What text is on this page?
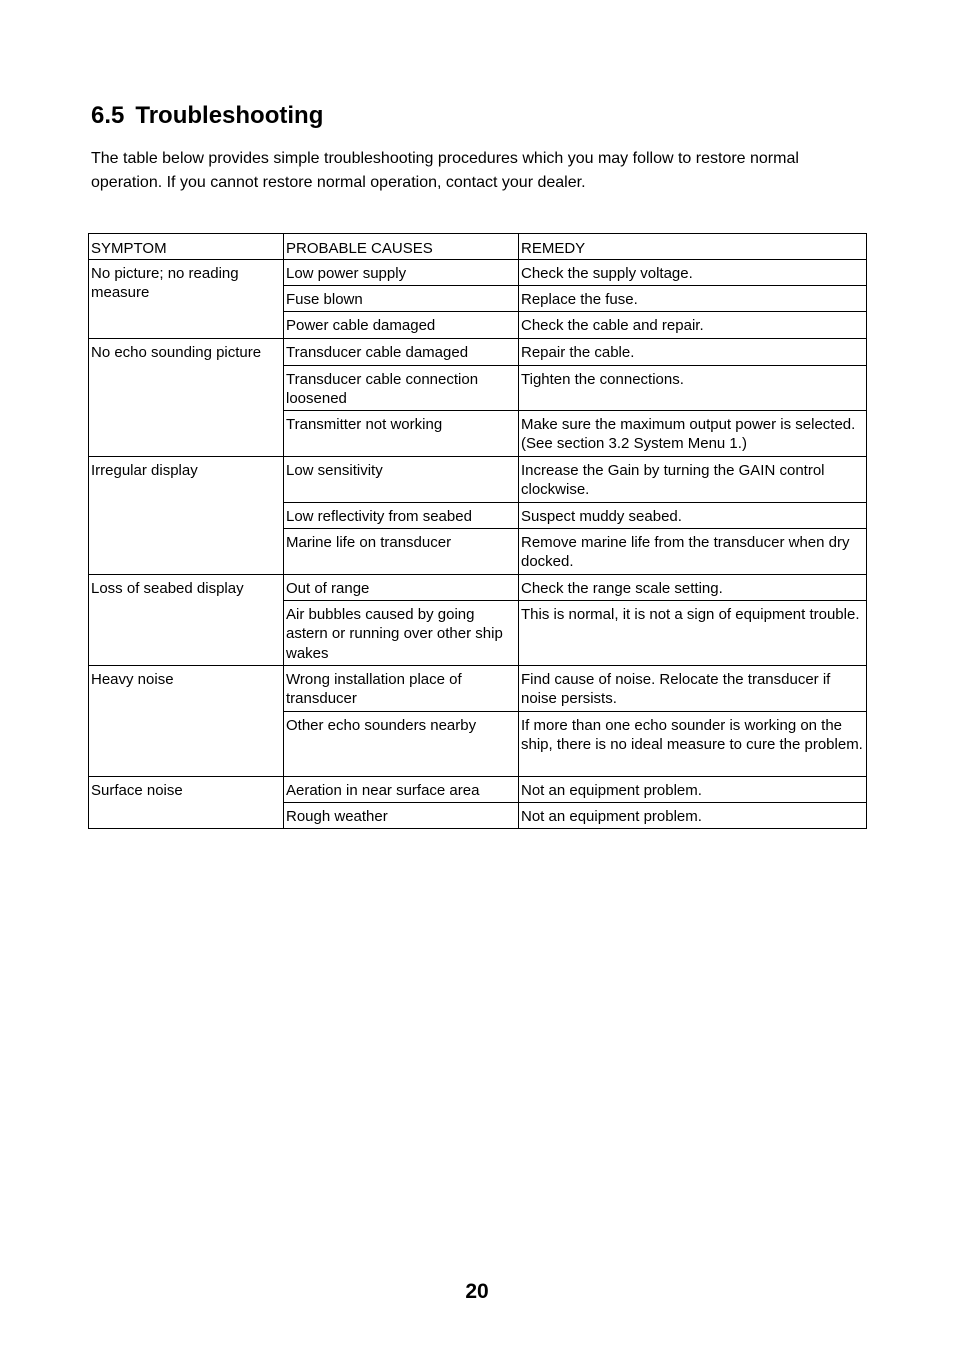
6.5 Troubleshooting

The table below provides simple troubleshooting procedures which you may follow to restore normal operation. If you cannot restore normal operation, contact your dealer.

SYMPTOM	PROBABLE CAUSES	REMEDY
No picture; no reading measure	Low power supply	Check the supply voltage.
	Fuse blown	Replace the fuse.
	Power cable damaged	Check the cable and repair.
No echo sounding picture	Transducer cable damaged	Repair the cable.
	Transducer cable connection loosened	Tighten the connections.
	Transmitter not working	Make sure the maximum output power is selected. (See section 3.2 System Menu 1.)
Irregular display	Low sensitivity	Increase the Gain by turning the GAIN control clockwise.
	Low reflectivity from seabed	Suspect muddy seabed.
	Marine life on transducer	Remove marine life from the transducer when dry docked.
Loss of seabed display	Out of range	Check the range scale setting.
	Air bubbles caused by going astern or running over other ship wakes	This is normal, it is not a sign of equipment trouble.
Heavy noise	Wrong installation place of transducer	Find cause of noise. Relocate the transducer if noise persists.
	Other echo sounders nearby	If more than one echo sounder is working on the ship, there is no ideal measure to cure the problem.
Surface noise	Aeration in near surface area	Not an equipment problem.
	Rough weather	Not an equipment problem.
20
